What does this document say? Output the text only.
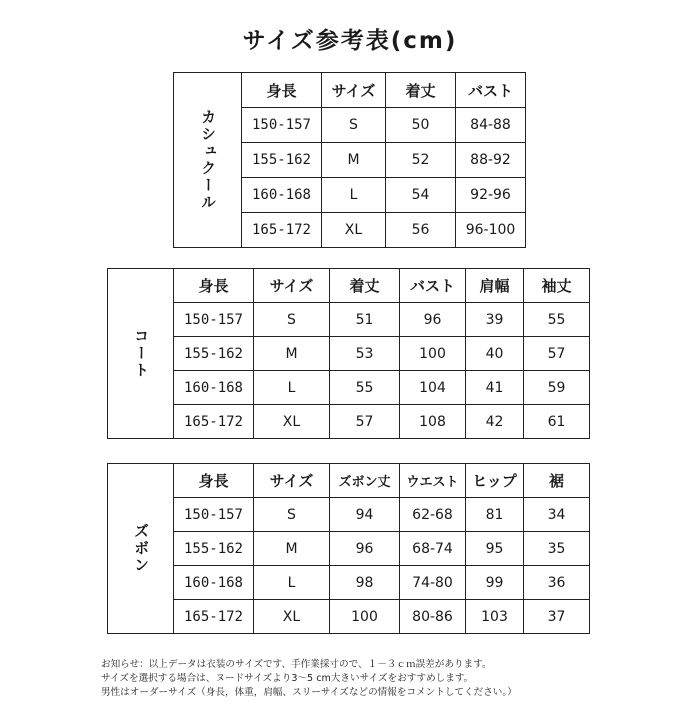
サイズ参考表(cm)
カシュクール	身長	サイズ	着丈	バスト
	150-157	S	50	84-88
	155-162	M	52	88-92
	160-168	L	54	92-96
	165-172	XL	56	96-100
コート	身長	サイズ	着丈	バスト	肩幅	袖丈
	150-157	S	51	96	39	55
	155-162	M	53	100	40	57
	160-168	L	55	104	41	59
	165-172	XL	57	108	42	61
ズボン	身長	サイズ	ズボン丈	ウエスト	ヒップ	裾
	150-157	S	94	62-68	81	34
	155-162	M	96	68-74	95	35
	160-168	L	98	74-80	99	36
	165-172	XL	100	80-86	103	37
お知らせ：以上データは衣装のサイズです、手作業採寸ので、１－３ｃｍ誤差があります。
サイズを選択する場合は、ヌードサイズより3～5 cm大きいサイズをおすすめします。
男性はオーダーサイズ（身長，体重，肩幅、スリーサイズなどの情報をコメントしてください。）
